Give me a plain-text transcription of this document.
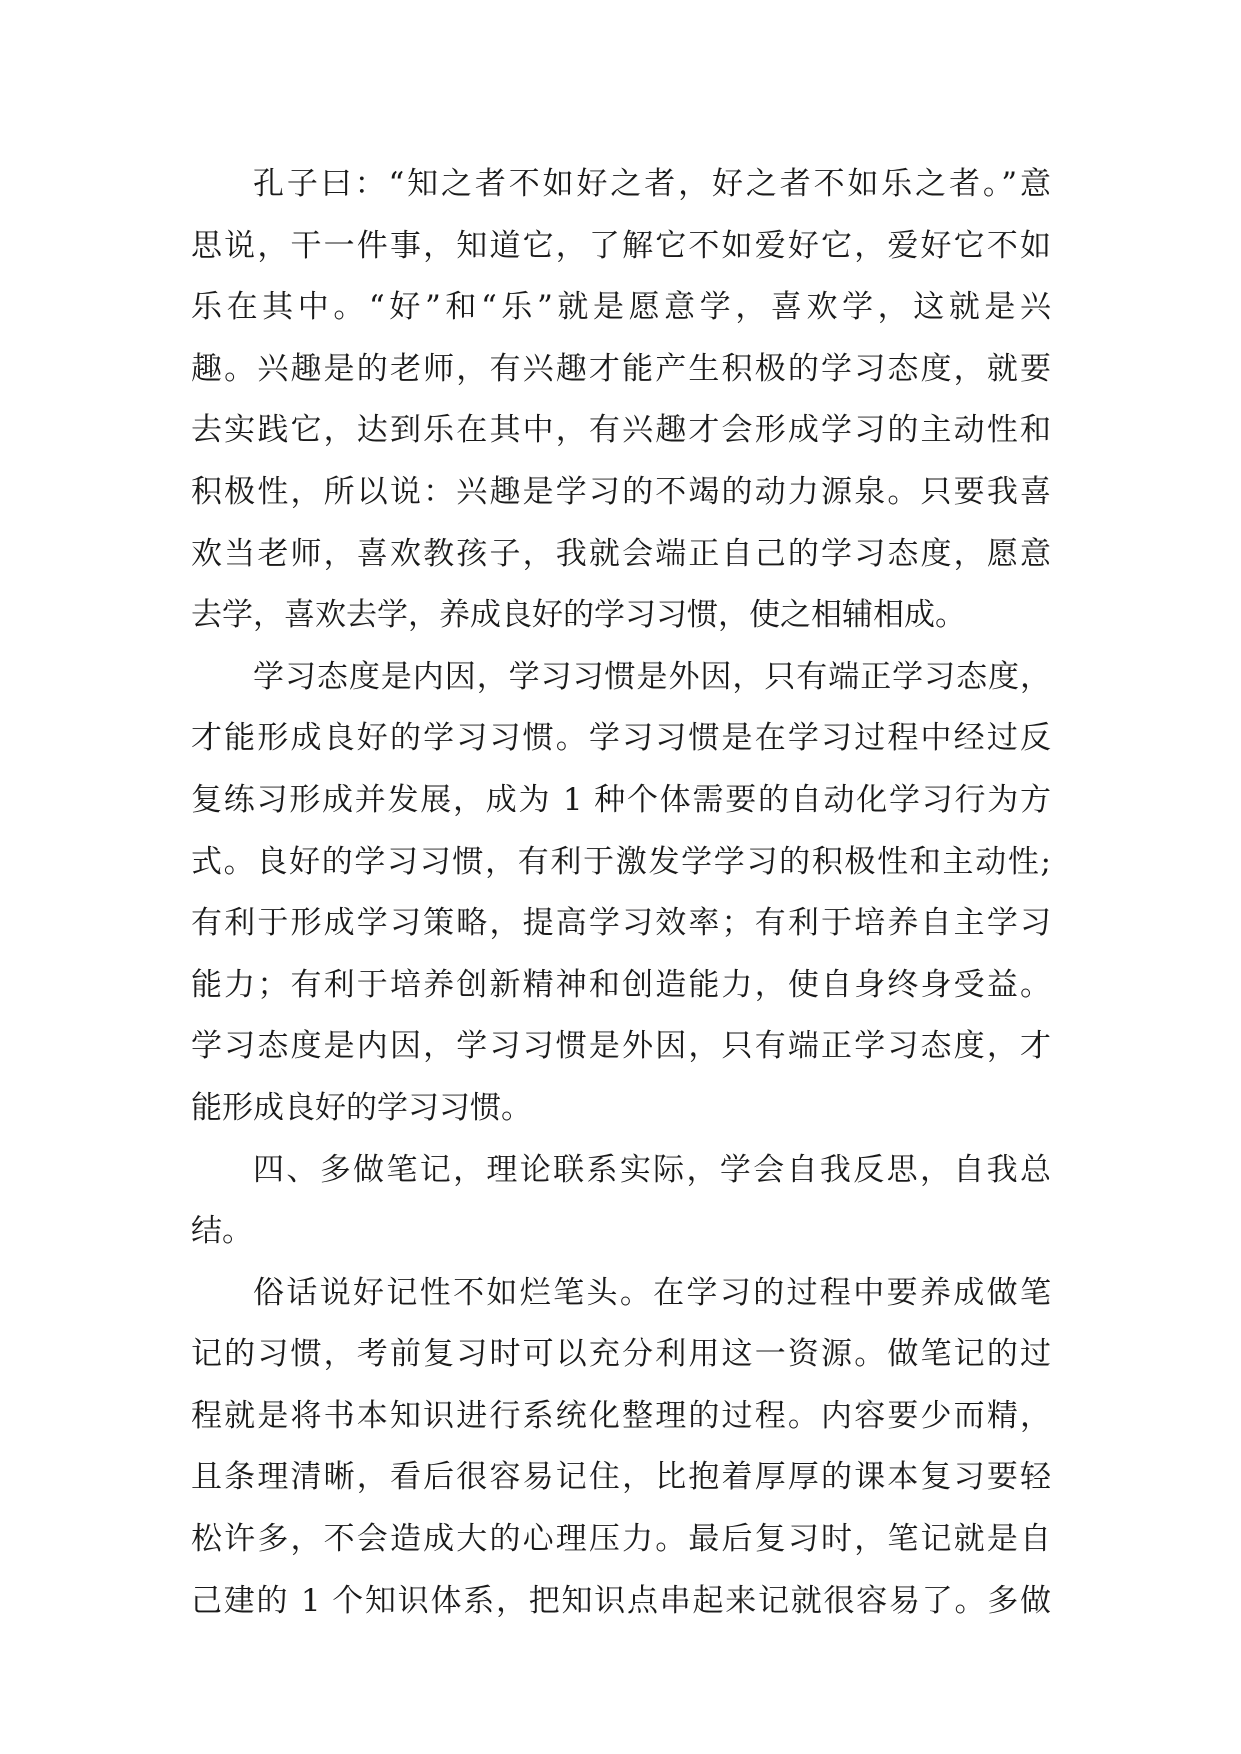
孔子曰：“知之者不如好之者，好之者不如乐之者。”意
思说，干一件事，知道它，了解它不如爱好它，爱好它不如
乐在其中。“好”和“乐”就是愿意学，喜欢学，这就是兴
趣。兴趣是的老师，有兴趣才能产生积极的学习态度，就要
去实践它，达到乐在其中，有兴趣才会形成学习的主动性和
积极性，所以说：兴趣是学习的不竭的动力源泉。只要我喜
欢当老师，喜欢教孩子，我就会端正自己的学习态度，愿意
去学，喜欢去学，养成良好的学习习惯，使之相辅相成。
学习态度是内因，学习习惯是外因，只有端正学习态度，
才能形成良好的学习习惯。学习习惯是在学习过程中经过反
复练习形成并发展，成为 1 种个体需要的自动化学习行为方
式。良好的学习习惯，有利于激发学学习的积极性和主动性;
有利于形成学习策略，提高学习效率；有利于培养自主学习
能力；有利于培养创新精神和创造能力，使自身终身受益。
学习态度是内因，学习习惯是外因，只有端正学习态度，才
能形成良好的学习习惯。
四、多做笔记，理论联系实际，学会自我反思，自我总
结。
俗话说好记性不如烂笔头。在学习的过程中要养成做笔
记的习惯，考前复习时可以充分利用这一资源。做笔记的过
程就是将书本知识进行系统化整理的过程。内容要少而精，
且条理清晰，看后很容易记住，比抱着厚厚的课本复习要轻
松许多，不会造成大的心理压力。最后复习时，笔记就是自
己建的 1 个知识体系，把知识点串起来记就很容易了。多做
